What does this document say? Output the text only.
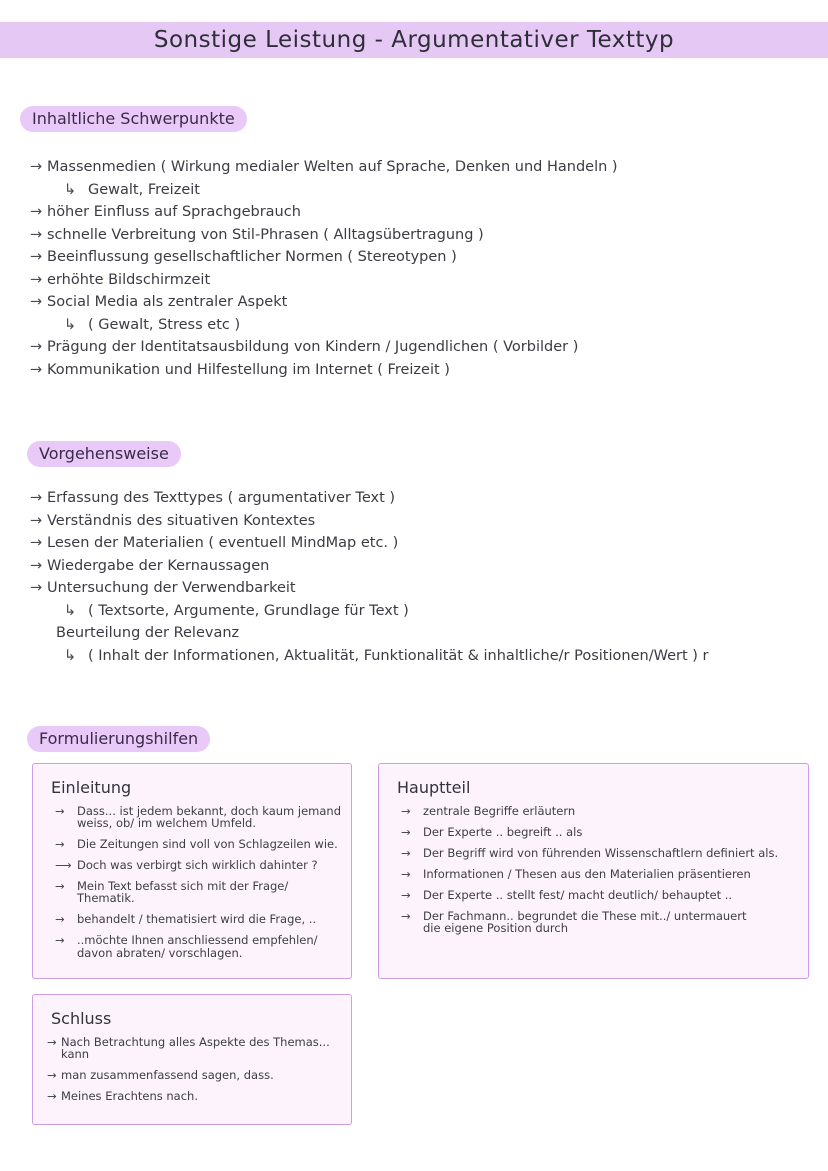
Sonstige Leistung - Argumentativer Texttyp
Inhaltliche Schwerpunkte
→ Massenmedien ( Wirkung medialer Welten auf Sprache, Denken und Handeln )
↳ Gewalt, Freizeit
→ höher Einfluss auf Sprachgebrauch
→ schnelle Verbreitung von Stil-Phrasen ( Alltagsübertragung )
→ Beeinflussung gesellschaftlicher Normen ( Stereotypen )
→ erhöhte Bildschirmzeit
→ Social Media als zentraler Aspekt
↳ ( Gewalt, Stress etc )
→ Prägung der Identitatsausbildung von Kindern / Jugendlichen ( Vorbilder )
→ Kommunikation und Hilfestellung im Internet ( Freizeit )
Vorgehensweise
→ Erfassung des Texttypes ( argumentativer Text )
→ Verständnis des situativen Kontextes
→ Lesen der Materialien ( eventuell MindMap etc. )
→ Wiedergabe der Kernaussagen
→ Untersuchung der Verwendbarkeit
↳ ( Textsorte, Argumente, Grundlage für Text )
Beurteilung der Relevanz
↳ ( Inhalt der Informationen, Aktualität, Funktionalität & inhaltliche/r Positionen/Wert ) r
Formulierungshilfen
Einleitung
→	Dass... ist jedem bekannt, doch kaum jemand weiss, ob/ im welchem Umfeld.
→	Die Zeitungen sind voll von Schlagzeilen wie.
⟶ Doch was verbirgt sich wirklich dahinter ?
→	Mein Text befasst sich mit der Frage/ Thematik.
→	behandelt / thematisiert wird die Frage, ..
→	..möchte Ihnen anschliessend empfehlen/ davon abraten/ vorschlagen.
Hauptteil
→	zentrale Begriffe erläutern
→	Der Experte .. begreift .. als
→	Der Begriff wird von führenden Wissenschaftlern definiert als.
→	Informationen / Thesen aus den Materialien präsentieren
→	Der Experte .. stellt fest/ macht deutlich/ behauptet ..
→	Der Fachmann.. begrundet die These mit../ untermauert die eigene Position durch
Schluss
→ Nach Betrachtung alles Aspekte des Themas... kann
→ man zusammenfassend sagen, dass.
→ Meines Erachtens nach.
